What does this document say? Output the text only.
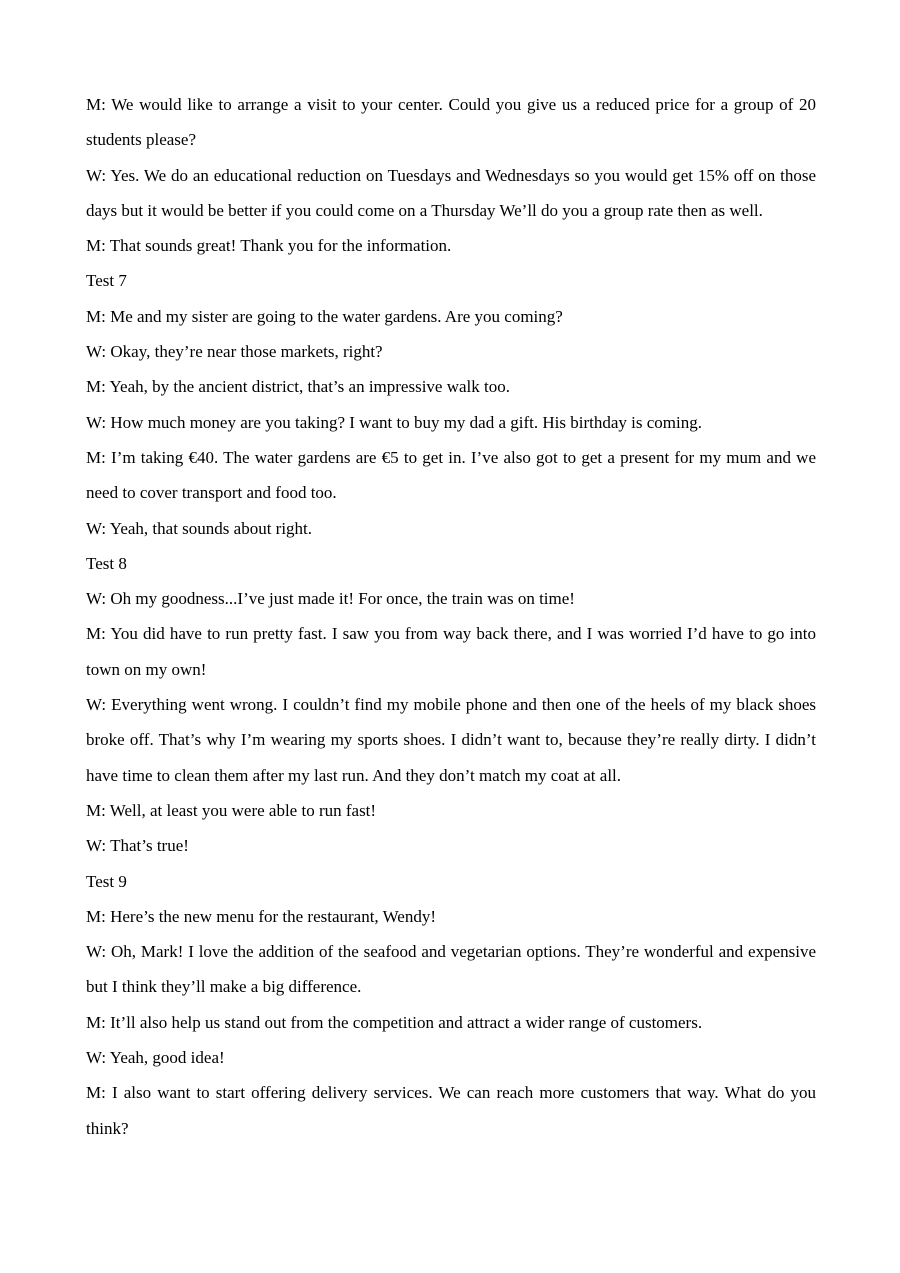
M: We would like to arrange a visit to your center. Could you give us a reduced price for a group of 20 students please?

W: Yes. We do an educational reduction on Tuesdays and Wednesdays so you would get 15% off on those days but it would be better if you could come on a Thursday We’ll do you a group rate then as well.

M: That sounds great! Thank you for the information.

Test 7

M: Me and my sister are going to the water gardens. Are you coming?

W: Okay, they’re near those markets, right?

M: Yeah, by the ancient district, that’s an impressive walk too.

W: How much money are you taking? I want to buy my dad a gift. His birthday is coming.

M: I’m taking €40. The water gardens are €5 to get in. I’ve also got to get a present for my mum and we need to cover transport and food too.

W: Yeah, that sounds about right.

Test 8

W: Oh my goodness...I’ve just made it! For once, the train was on time!

M: You did have to run pretty fast. I saw you from way back there, and I was worried I’d have to go into town on my own!

W: Everything went wrong. I couldn’t find my mobile phone and then one of the heels of my black shoes broke off. That’s why I’m wearing my sports shoes. I didn’t want to, because they’re really dirty. I didn’t have time to clean them after my last run. And they don’t match my coat at all.

M: Well, at least you were able to run fast!

W: That’s true!

Test 9

M: Here’s the new menu for the restaurant, Wendy!

W: Oh, Mark! I love the addition of the seafood and vegetarian options. They’re wonderful and expensive but I think they’ll make a big difference.

M: It’ll also help us stand out from the competition and attract a wider range of customers.

W: Yeah, good idea!

M: I also want to start offering delivery services. We can reach more customers that way. What do you think?
